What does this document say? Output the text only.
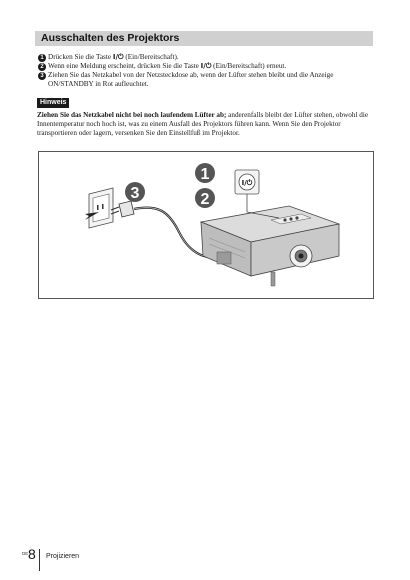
Ausschalten des Projektors
1 Drücken Sie die Taste I/⏻ (Ein/Bereitschaft).
2 Wenn eine Meldung erscheint, drücken Sie die Taste I/⏻ (Ein/Bereitschaft) erneut.
3 Ziehen Sie das Netzkabel von der Netzsteckdose ab, wenn der Lüfter stehen bleibt und die Anzeige ON/STANDBY in Rot aufleuchtet.
Hinweis
Ziehen Sie das Netzkabel nicht bei noch laufendem Lüfter ab; anderenfalls bleibt der Lüfter stehen, obwohl die Innentemperatur noch hoch ist, was zu einem Ausfall des Projektors führen kann. Wenn Sie den Projektor transportieren oder lagern, versenken Sie den Einstellfuß im Projektor.
3
I/⏻
1
2
DE 8 Projizieren
